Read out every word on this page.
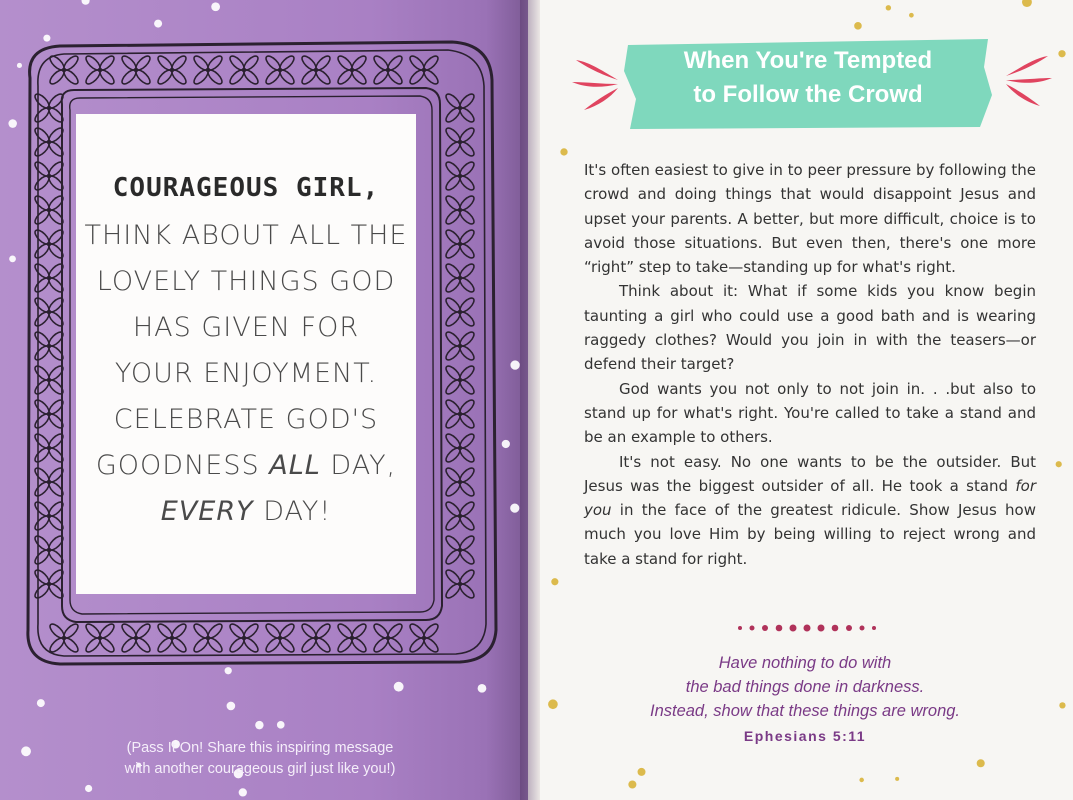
COURAGEOUS GIRL,
THINK ABOUT ALL THE
LOVELY THINGS GOD
HAS GIVEN FOR
YOUR ENJOYMENT.
CELEBRATE GOD'S
GOODNESS ALL DAY,
EVERY DAY!
(Pass It On! Share this inspiring message
with another courageous girl just like you!)
When You're Tempted
to Follow the Crowd

It's often easiest to give in to peer pressure by following the crowd and doing things that would disappoint Jesus and upset your parents. A better, but more difficult, choice is to avoid those situations. But even then, there's one more “right” step to take—standing up for what's right.

Think about it: What if some kids you know begin taunting a girl who could use a good bath and is wearing raggedy clothes? Would you join in with the teasers—or defend their target?

God wants you not only to not join in. . .but also to stand up for what's right. You're called to take a stand and be an example to others.

It's not easy. No one wants to be the outsider. But Jesus was the biggest outsider of all. He took a stand for you in the face of the greatest ridicule. Show Jesus how much you love Him by being willing to reject wrong and take a stand for right.

Have nothing to do with
the bad things done in darkness.
Instead, show that these things are wrong.
Ephesians 5:11
